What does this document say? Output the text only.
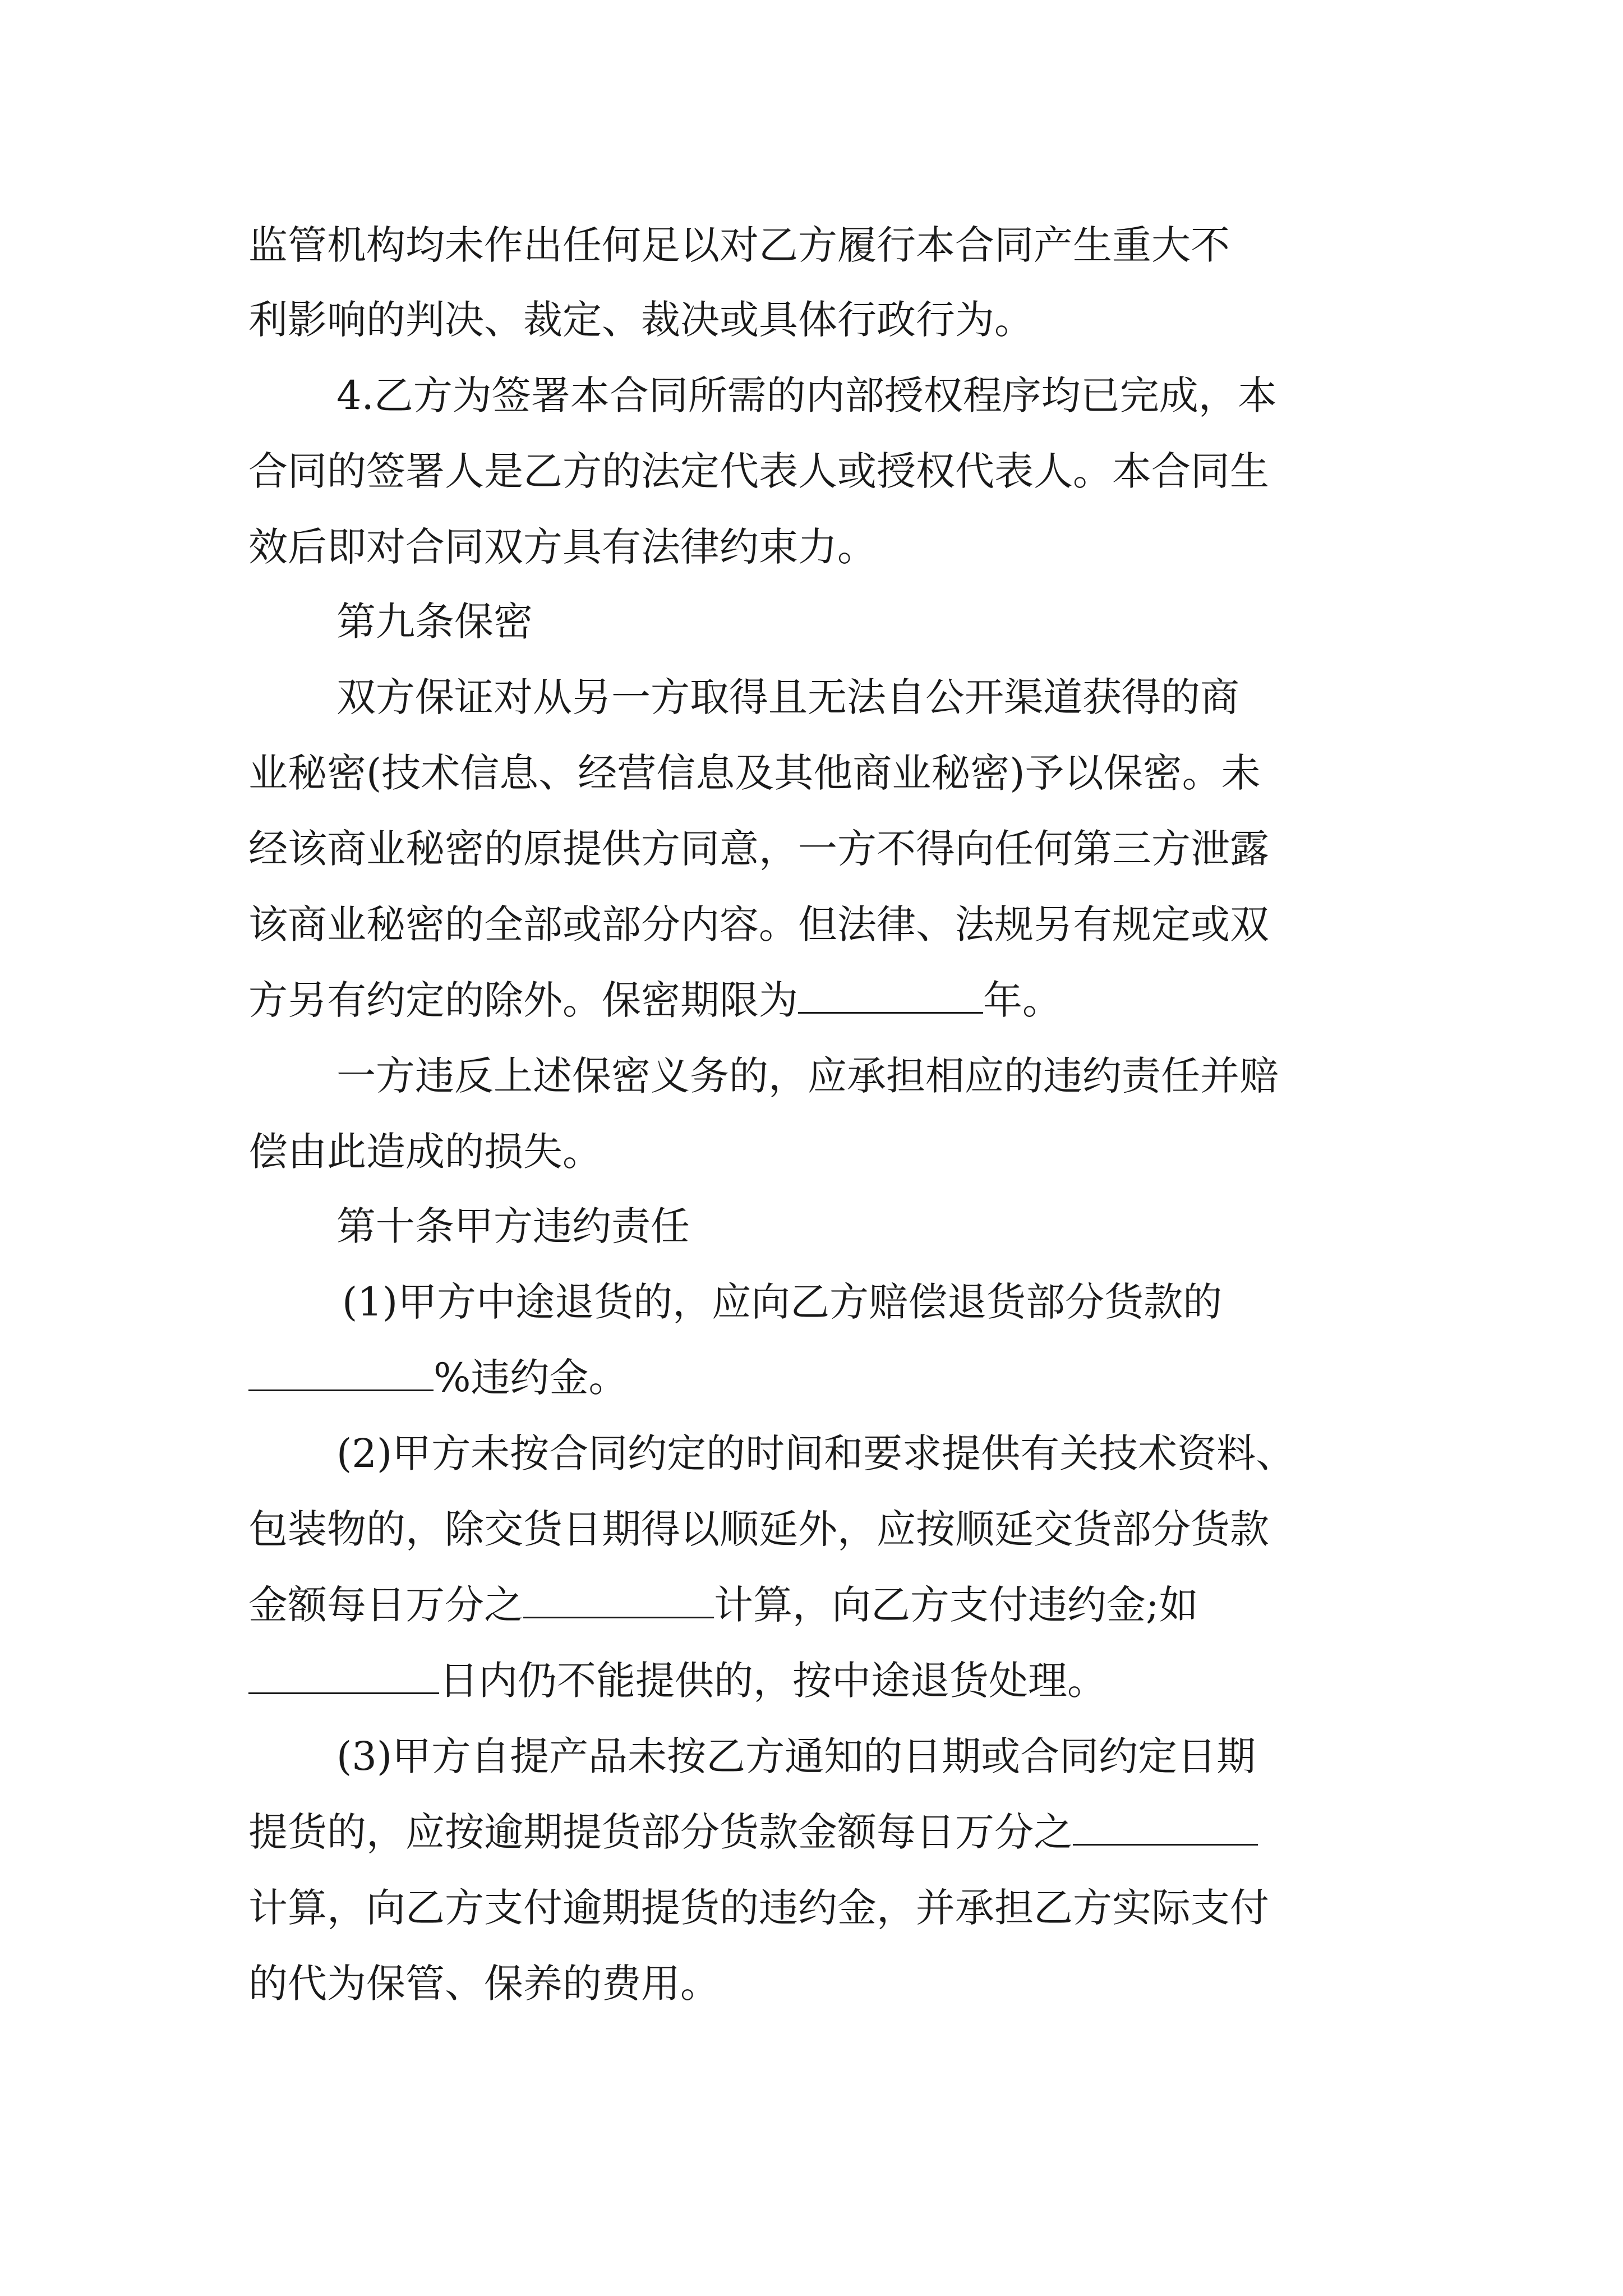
监管机构均未作出任何足以对乙方履行本合同产生重大不
利影响的判决、裁定、裁决或具体行政行为。
4.乙方为签署本合同所需的内部授权程序均已完成，本
合同的签署人是乙方的法定代表人或授权代表人。本合同生
效后即对合同双方具有法律约束力。
第九条保密
双方保证对从另一方取得且无法自公开渠道获得的商
业秘密(技术信息、经营信息及其他商业秘密)予以保密。未
经该商业秘密的原提供方同意，一方不得向任何第三方泄露
该商业秘密的全部或部分内容。但法律、法规另有规定或双
方另有约定的除外。保密期限为	年。
一方违反上述保密义务的，应承担相应的违约责任并赔
偿由此造成的损失。
第十条甲方违约责任
(1)甲方中途退货的，应向乙方赔偿退货部分货款的
%违约金。
(2)甲方未按合同约定的时间和要求提供有关技术资料、
包装物的，除交货日期得以顺延外，应按顺延交货部分货款
金额每日万分之	计算，向乙方支付违约金;如
日内仍不能提供的，按中途退货处理。
(3)甲方自提产品未按乙方通知的日期或合同约定日期
提货的，应按逾期提货部分货款金额每日万分之
计算，向乙方支付逾期提货的违约金，并承担乙方实际支付
的代为保管、保养的费用。
